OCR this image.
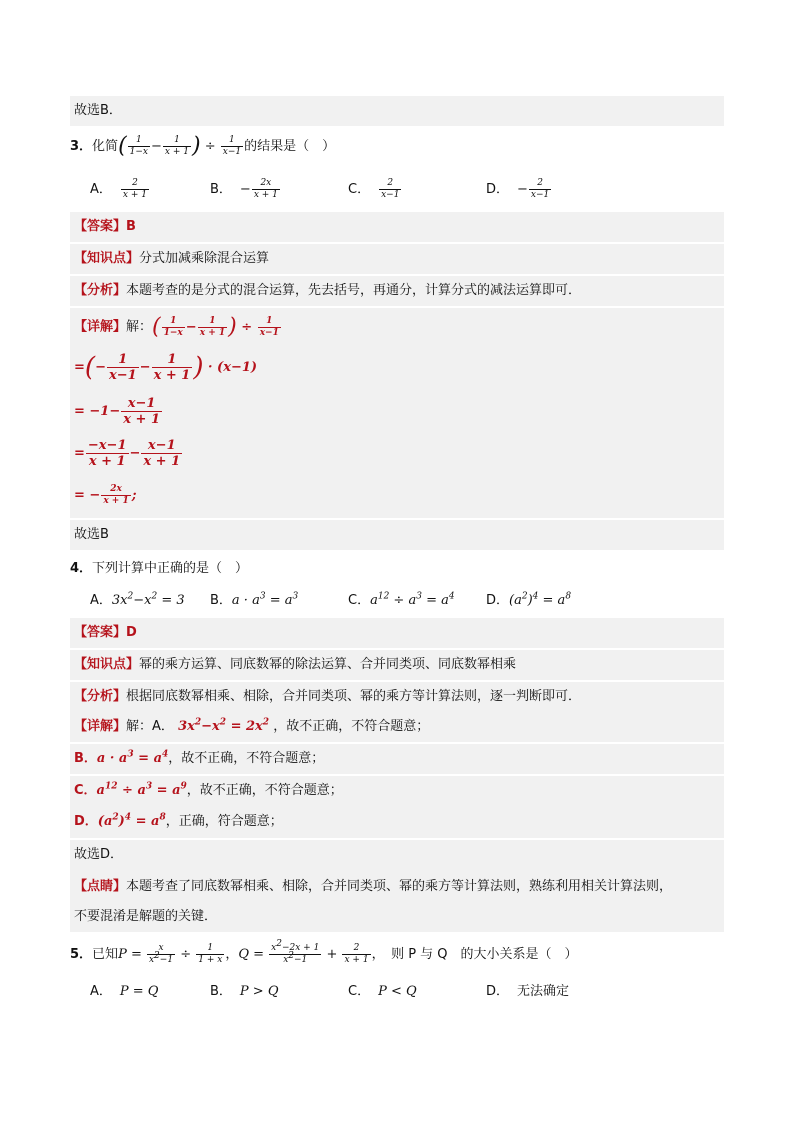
故选B．
3．化简( $\frac{1}{1-x} - \frac{1}{x + 1}$ ) ÷ $\frac{1}{x-1}$ 的结果是（　）
A． $\frac{2}{x + 1}$	B． − $\frac{2x}{x + 1}$	C． $\frac{2}{x-1}$	D． − $\frac{2}{x-1}$
【答案】B
【知识点】分式加减乘除混合运算
【分析】本题考查的是分式的混合运算，先去括号，再通分，计算分式的减法运算即可．
【详解】解：( $\frac{1}{1-x} - \frac{1}{x + 1}$ ) ÷ $\frac{1}{x-1}$
=(− $\frac{1}{x-1} - \frac{1}{x + 1}$ ) · (x−1)
= $-1- \frac{x-1}{x + 1}$
= $\frac{-x-1}{x + 1} - \frac{x-1}{x + 1}$
= − $\frac{2x}{x + 1}$ ;
故选B
4．下列计算中正确的是（　）
A．$3x^2-x^2 = 3$ B．$a \cdot a^3 = a^3$	C．$a^{12} \div a^3 = a^4$ D．$(a^2)^4 = a^8$
【答案】D
【知识点】幂的乘方运算、同底数幂的除法运算、合并同类项、同底数幂相乘
【分析】根据同底数幂相乘、相除，合并同类项、幂的乘方等计算法则，逐一判断即可．
【详解】解：A． $3x^2-x^2 = 2x^2$ ，故不正确，不符合题意；
B．$a \cdot a^3 = a^4$，故不正确，不符合题意；
C．$a^{12} \div a^3 = a^9$，故不正确，不符合题意；
D．$(a^2)^4 = a^8$，正确，符合题意；
故选D．
【点睛】本题考查了同底数幂相乘、相除，合并同类项、幂的乘方等计算法则，熟练利用相关计算法则，
不要混淆是解题的关键．
5．已知$P = \frac{x}{x^2-1} \div \frac{1}{1 + x}$ ，$Q = \frac{x^2-2x + 1}{x^2-1} + \frac{2}{x + 1}$ ，　则 P 与 Q　的大小关系是（　）
A． P = Q	B． P > Q	C． P < Q	D． 无法确定
